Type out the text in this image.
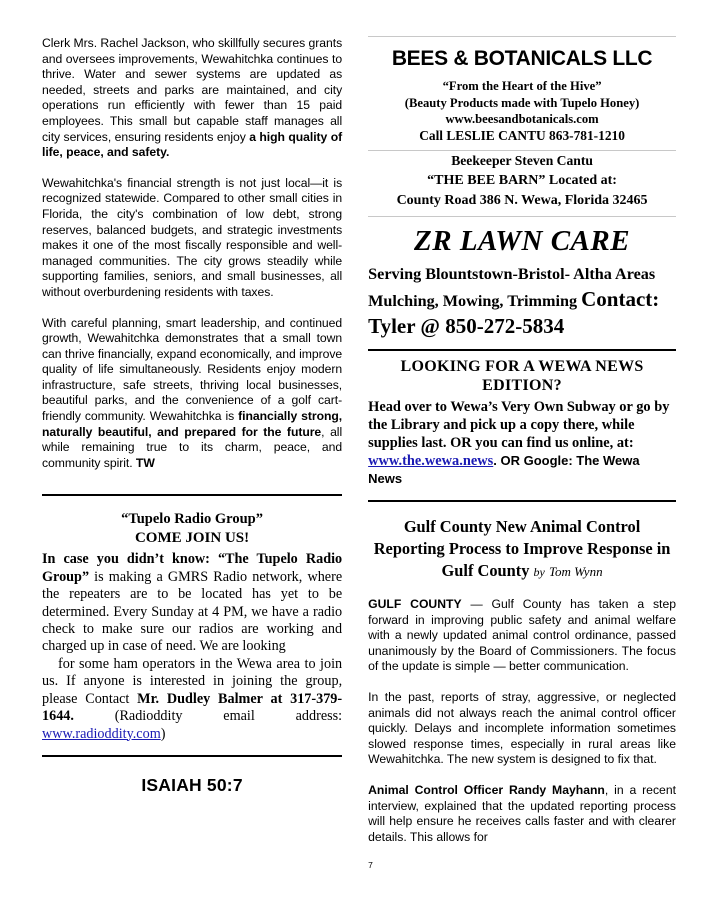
Clerk Mrs. Rachel Jackson, who skillfully secures grants and oversees improvements, Wewahitchka continues to thrive. Water and sewer systems are updated as needed, streets and parks are maintained, and city operations run efficiently with fewer than 15 paid employees. This small but capable staff manages all city services, ensuring residents enjoy a high quality of life, peace, and safety.

Wewahitchka's financial strength is not just local—it is recognized statewide. Compared to other small cities in Florida, the city's combination of low debt, strong reserves, balanced budgets, and strategic investments makes it one of the most fiscally responsible and well-managed communities. The city grows steadily while supporting families, seniors, and small businesses, all without overburdening residents with taxes.

With careful planning, smart leadership, and continued growth, Wewahitchka demonstrates that a small town can thrive financially, expand economically, and improve quality of life simultaneously. Residents enjoy modern infrastructure, safe streets, thriving local businesses, beautiful parks, and the convenience of a golf cart-friendly community. Wewahitchka is financially strong, naturally beautiful, and prepared for the future, all while remaining true to its charm, peace, and community spirit. TW

“Tupelo Radio Group”
COME JOIN US!

In case you didn’t know: “The Tupelo Radio Group” is making a GMRS Radio network, where the repeaters are to be located has yet to be determined. Every Sunday at 4 PM, we have a radio check to make sure our radios are working and charged up in case of need. We are looking

for some ham operators in the Wewa area to join us. If anyone is interested in joining the group, please Contact Mr. Dudley Balmer at 317-379-1644. (Radioddity email address: www.radioddity.com)

ISAIAH 50:7
BEES & BOTANICALS LLC
“From the Heart of the Hive”
(Beauty Products made with Tupelo Honey)
www.beesandbotanicals.com
Call LESLIE CANTU 863-781-1210
Beekeeper Steven Cantu
“THE BEE BARN” Located at:
County Road 386 N. Wewa, Florida 32465
ZR LAWN CARE
Serving Blountstown-Bristol- Altha Areas
Mulching, Mowing, Trimming Contact:
Tyler @ 850-272-5834
LOOKING FOR A WEWA NEWS
EDITION?

Head over to Wewa’s Very Own Subway or go by the Library and pick up a copy there, while supplies last. OR you can find us online, at: www.the.wewa.news. OR Google: The Wewa News

Gulf County New Animal Control Reporting Process to Improve Response in Gulf County by Tom Wynn

GULF COUNTY — Gulf County has taken a step forward in improving public safety and animal welfare with a newly updated animal control ordinance, passed unanimously by the Board of Commissioners. The focus of the update is simple — better communication.

In the past, reports of stray, aggressive, or neglected animals did not always reach the animal control officer quickly. Delays and incomplete information sometimes slowed response times, especially in rural areas like Wewahitchka. The new system is designed to fix that.

Animal Control Officer Randy Mayhann, in a recent interview, explained that the updated reporting process will help ensure he receives calls faster and with clearer details. This allows for

7
